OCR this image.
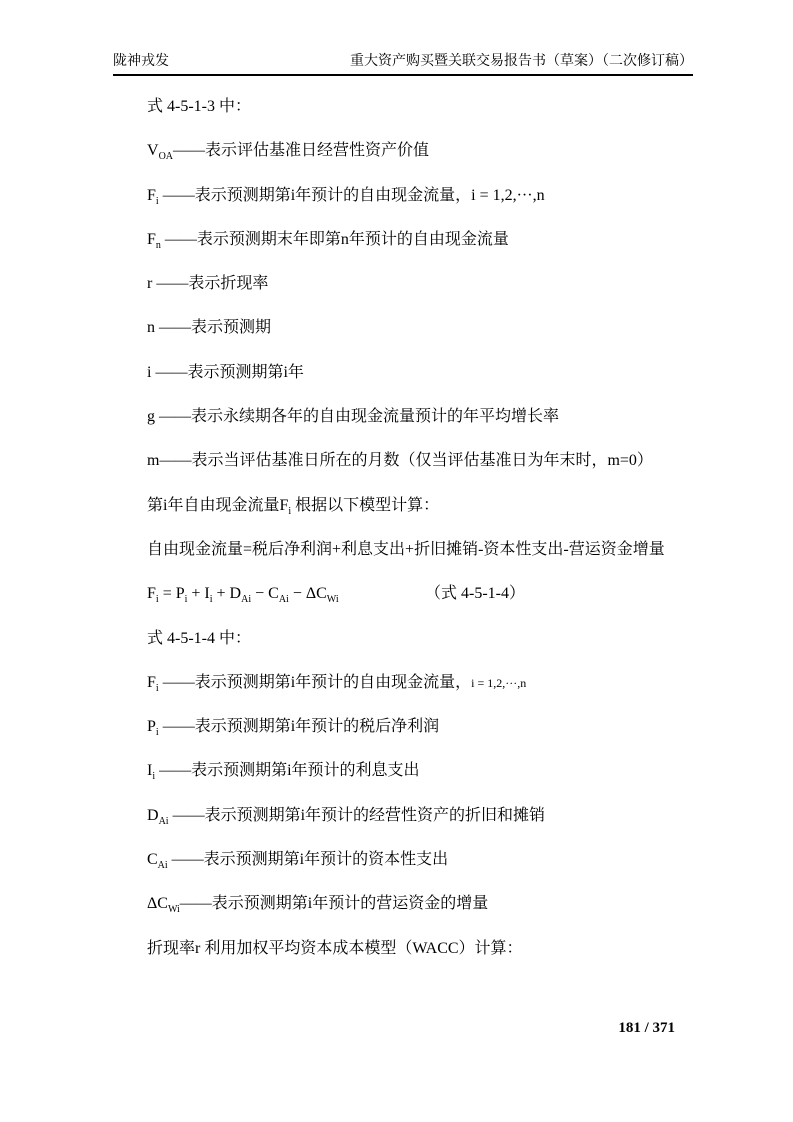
陇神戎发	重大资产购买暨关联交易报告书（草案）（二次修订稿）

式 4-5-1-3 中：

$V_{OA}——$表示评估基准日经营性资产价值

$F_i$ ——表示预测期第i年预计的自由现金流量，i = 1,2,···,n

$F_n$ ——表示预测期末年即第n年预计的自由现金流量

r ——表示折现率

n ——表示预测期

i ——表示预测期第i年

g ——表示永续期各年的自由现金流量预计的年平均增长率

m——表示当评估基准日所在的月数（仅当评估基准日为年末时，m=0）

第i年自由现金流量$F_i$ 根据以下模型计算：

自由现金流量=税后净利润+利息支出+折旧摊销-资本性支出-营运资金增量

$F_i = P_i + I_i + D_{Ai} - C_{Ai} - \Delta C_{Wi}$	（式 4-5-1-4）

式 4-5-1-4 中：

$F_i$ ——表示预测期第i年预计的自由现金流量，i = 1,2,···,n

$P_i$ ——表示预测期第i年预计的税后净利润

$I_i$ ——表示预测期第i年预计的利息支出

$D_{Ai}$ ——表示预测期第i年预计的经营性资产的折旧和摊销

$C_{Ai}$ ——表示预测期第i年预计的资本性支出

$\Delta C_{Wi}——$表示预测期第i年预计的营运资金的增量

折现率r 利用加权平均资本成本模型（WACC）计算：

181 / 371
